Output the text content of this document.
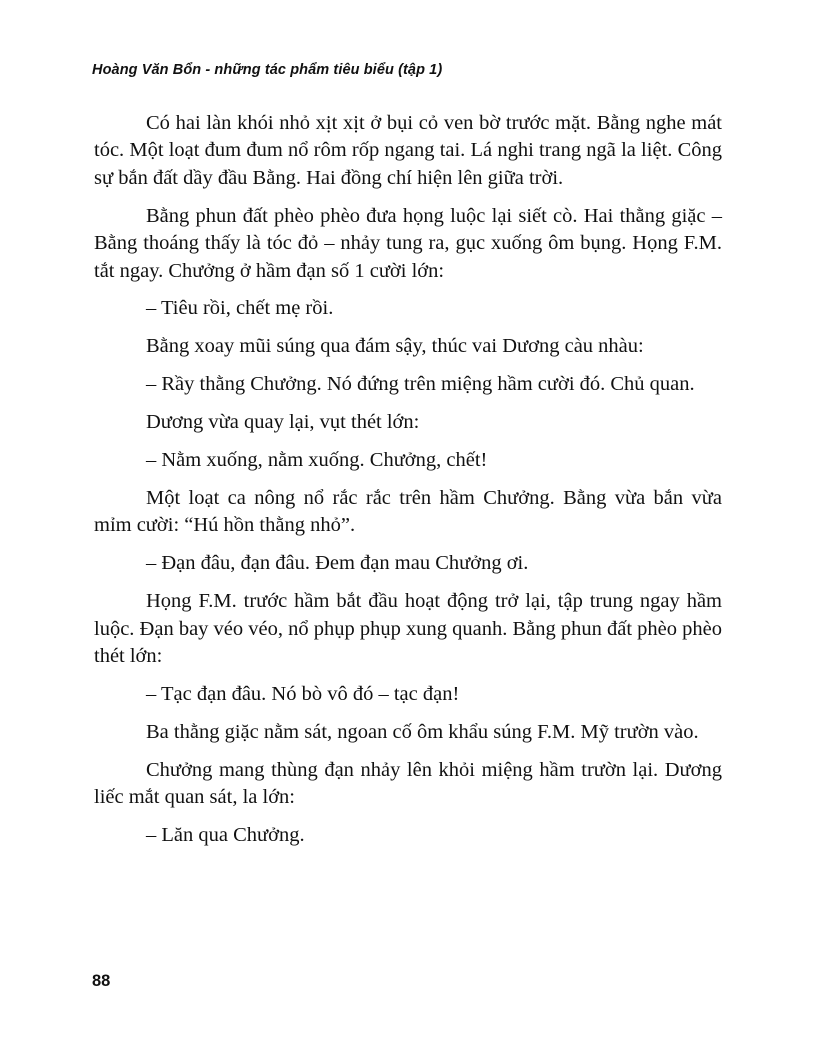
Hoàng Văn Bổn - những tác phẩm tiêu biểu (tập 1)

Có hai làn khói nhỏ xịt xịt ở bụi cỏ ven bờ trước mặt. Bằng nghe mát tóc. Một loạt đum đum nổ rôm rốp ngang tai. Lá nghi trang ngã la liệt. Công sự bắn đất dầy đầu Bằng. Hai đồng chí hiện lên giữa trời.

Bằng phun đất phèo phèo đưa họng luộc lại siết cò. Hai thằng giặc – Bằng thoáng thấy là tóc đỏ – nhảy tung ra, gục xuống ôm bụng. Họng F.M. tắt ngay. Chưởng ở hầm đạn số 1 cười lớn:

– Tiêu rồi, chết mẹ rồi.

Bằng xoay mũi súng qua đám sậy, thúc vai Dương càu nhàu:

– Rầy thằng Chưởng. Nó đứng trên miệng hầm cười đó. Chủ quan.

Dương vừa quay lại, vụt thét lớn:

– Nằm xuống, nằm xuống. Chưởng, chết!

Một loạt ca nông nổ rắc rắc trên hầm Chưởng. Bằng vừa bắn vừa mỉm cười: “Hú hồn thằng nhỏ”.

– Đạn đâu, đạn đâu. Đem đạn mau Chưởng ơi.

Họng F.M. trước hầm bắt đầu hoạt động trở lại, tập trung ngay hầm luộc. Đạn bay véo véo, nổ phụp phụp xung quanh. Bằng phun đất phèo phèo thét lớn:

– Tạc đạn đâu. Nó bò vô đó – tạc đạn!

Ba thằng giặc nằm sát, ngoan cố ôm khẩu súng F.M. Mỹ trườn vào.

Chưởng mang thùng đạn nhảy lên khỏi miệng hầm trườn lại. Dương liếc mắt quan sát, la lớn:

– Lăn qua Chưởng.

88
